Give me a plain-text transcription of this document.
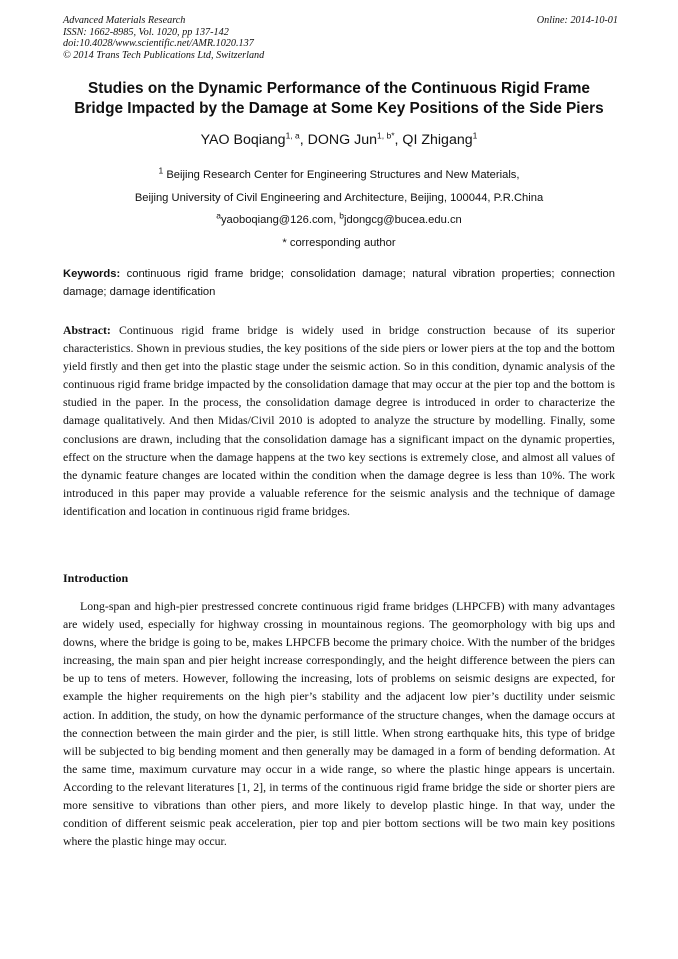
Advanced Materials Research
ISSN: 1662-8985, Vol. 1020, pp 137-142
doi:10.4028/www.scientific.net/AMR.1020.137
© 2014 Trans Tech Publications Ltd, Switzerland
Online: 2014-10-01
Studies on the Dynamic Performance of the Continuous Rigid Frame
Bridge Impacted by the Damage at Some Key Positions of the Side Piers
YAO Boqiang$^{1, a}$, DONG Jun$^{1, b*}$, QI Zhigang$^1$
$^1$ Beijing Research Center for Engineering Structures and New Materials,
Beijing University of Civil Engineering and Architecture, Beijing, 100044, P.R.China
$^a$yaoboqiang@126.com, $^b$jdongcg@bucea.edu.cn
* corresponding author
Keywords: continuous rigid frame bridge; consolidation damage; natural vibration properties; connection damage; damage identification
Abstract: Continuous rigid frame bridge is widely used in bridge construction because of its superior characteristics. Shown in previous studies, the key positions of the side piers or lower piers at the top and the bottom yield firstly and then get into the plastic stage under the seismic action. So in this condition, dynamic analysis of the continuous rigid frame bridge impacted by the consolidation damage that may occur at the pier top and the bottom is studied in the paper. In the process, the consolidation damage degree is introduced in order to characterize the damage qualitatively. And then Midas/Civil 2010 is adopted to analyze the structure by modelling. Finally, some conclusions are drawn, including that the consolidation damage has a significant impact on the dynamic properties, effect on the structure when the damage happens at the two key sections is extremely close, and almost all values of the dynamic feature changes are located within the condition when the damage degree is less than 10%. The work introduced in this paper may provide a valuable reference for the seismic analysis and the technique of damage identification and location in continuous rigid frame bridges.
Introduction
Long-span and high-pier prestressed concrete continuous rigid frame bridges (LHPCFB) with many advantages are widely used, especially for highway crossing in mountainous regions. The geomorphology with big ups and downs, where the bridge is going to be, makes LHPCFB become the primary choice. With the number of the bridges increasing, the main span and pier height increase correspondingly, and the height difference between the piers can be up to tens of meters. However, following the increasing, lots of problems on seismic designs are expected, for example the higher requirements on the high pier’s stability and the adjacent low pier’s ductility under seismic action. In addition, the study, on how the dynamic performance of the structure changes, when the damage occurs at the connection between the main girder and the pier, is still little. When strong earthquake hits, this type of bridge will be subjected to big bending moment and then generally may be damaged in a form of bending deformation. At the same time, maximum curvature may occur in a wide range, so where the plastic hinge appears is uncertain. According to the relevant literatures [1, 2], in terms of the continuous rigid frame bridge the side or shorter piers are more sensitive to vibrations than other piers, and more likely to develop plastic hinge. In that way, under the condition of different seismic peak acceleration, pier top and pier bottom sections will be two main key positions where the plastic hinge may occur.
